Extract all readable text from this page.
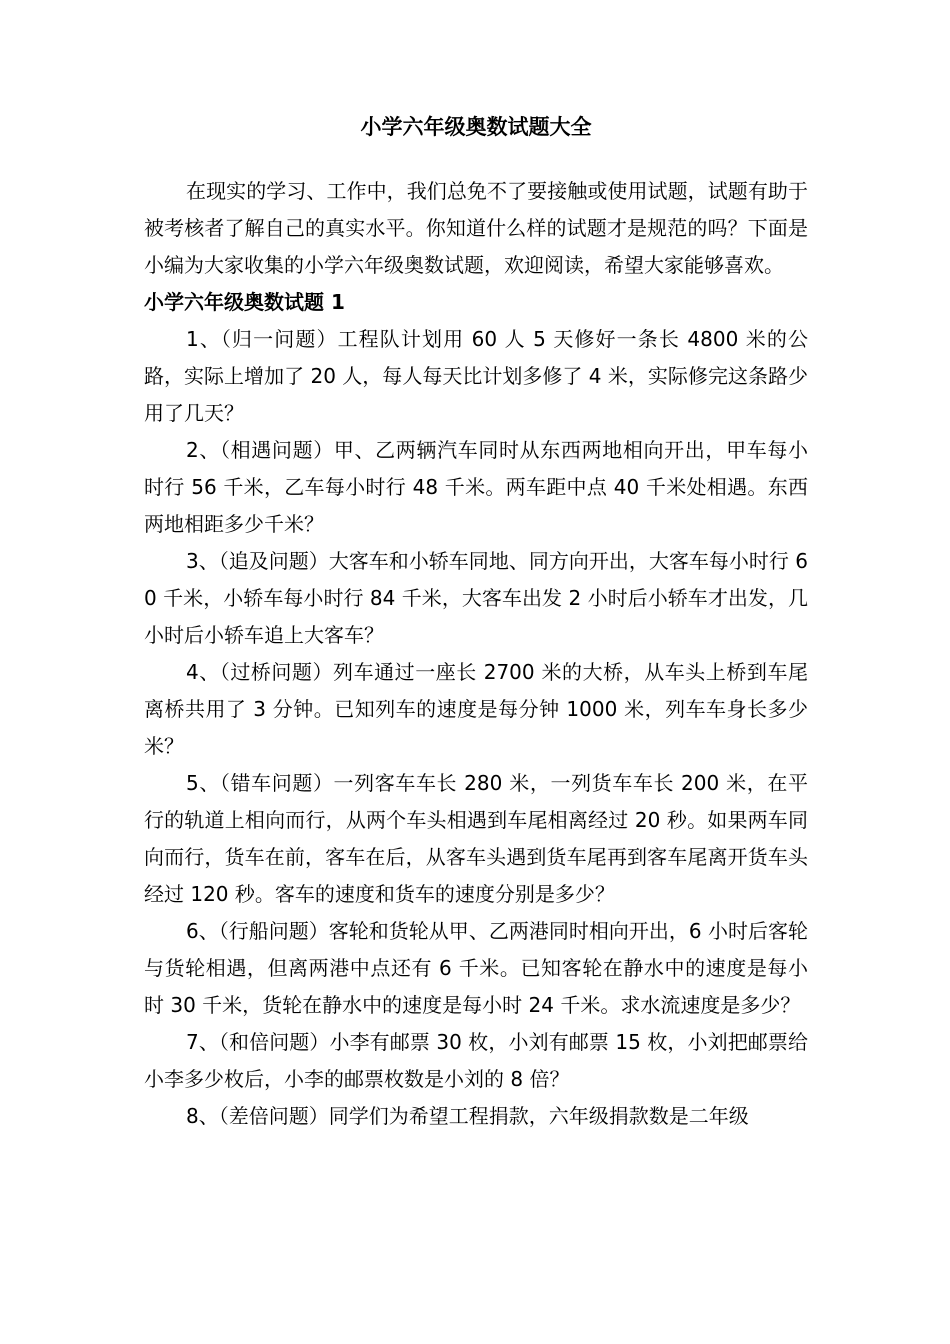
小学六年级奥数试题大全

在现实的学习、工作中，我们总免不了要接触或使用试题，试题有助于被考核者了解自己的真实水平。你知道什么样的试题才是规范的吗？下面是小编为大家收集的小学六年级奥数试题，欢迎阅读，希望大家能够喜欢。

小学六年级奥数试题 1

1、（归一问题）工程队计划用 60 人 5 天修好一条长 4800 米的公路，实际上增加了 20 人，每人每天比计划多修了 4 米，实际修完这条路少用了几天？

2、（相遇问题）甲、乙两辆汽车同时从东西两地相向开出，甲车每小时行 56 千米，乙车每小时行 48 千米。两车距中点 40 千米处相遇。东西两地相距多少千米？

3、（追及问题）大客车和小轿车同地、同方向开出，大客车每小时行 60 千米，小轿车每小时行 84 千米，大客车出发 2 小时后小轿车才出发，几小时后小轿车追上大客车？

4、（过桥问题）列车通过一座长 2700 米的大桥，从车头上桥到车尾离桥共用了 3 分钟。已知列车的速度是每分钟 1000 米，列车车身长多少米？

5、（错车问题）一列客车车长 280 米，一列货车车长 200 米，在平行的轨道上相向而行，从两个车头相遇到车尾相离经过 20 秒。如果两车同向而行，货车在前，客车在后，从客车头遇到货车尾再到客车尾离开货车头经过 120 秒。客车的速度和货车的速度分别是多少？

6、（行船问题）客轮和货轮从甲、乙两港同时相向开出，6 小时后客轮与货轮相遇，但离两港中点还有 6 千米。已知客轮在静水中的速度是每小时 30 千米，货轮在静水中的速度是每小时 24 千米。求水流速度是多少？

7、（和倍问题）小李有邮票 30 枚，小刘有邮票 15 枚，小刘把邮票给小李多少枚后，小李的邮票枚数是小刘的 8 倍？

8、（差倍问题）同学们为希望工程捐款，六年级捐款数是二年级
